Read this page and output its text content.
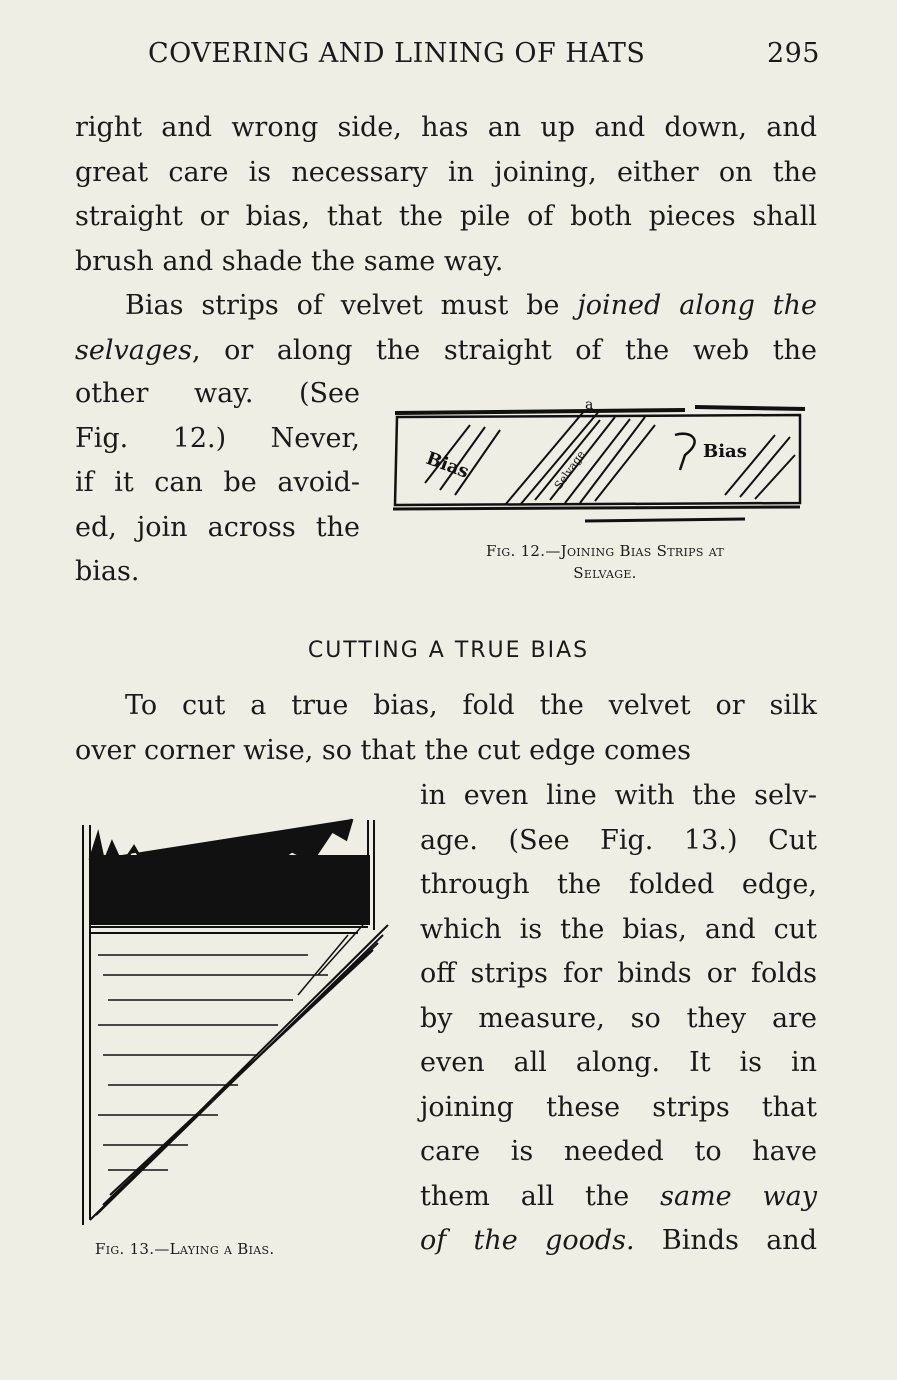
COVERING AND LINING OF HATS	295
right and wrong side, has an up and down, and
great care is necessary in joining, either on the
straight or bias, that the pile of both pieces shall
brush and shade the same way.
Bias strips of velvet must be joined along the
selvages, or along the straight of the web the
other way. (See
Fig. 12.) Never,
if it can be avoid-
ed, join across the
bias.
a
Bias	Bias
Selvage
Fig. 12.—Joining Bias Strips at
Selvage.
CUTTING A TRUE BIAS
To cut a true bias, fold the velvet or silk
over corner wise, so that the cut edge comes
Fig. 13.—Laying a Bias.
in even line with the selv-
age. (See Fig. 13.) Cut
through the folded edge,
which is the bias, and cut
off strips for binds or folds
by measure, so they are
even all along. It is in
joining these strips that
care is needed to have
them all the same way
of the goods. Binds and
